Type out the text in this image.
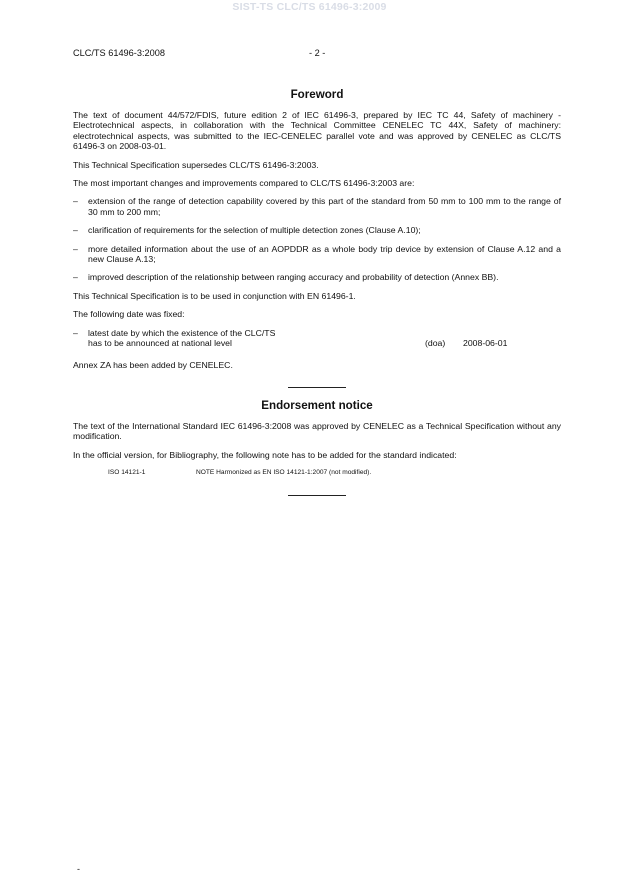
SIST-TS CLC/TS 61496-3:2009
CLC/TS 61496-3:2008	- 2 -
Foreword

The text of document 44/572/FDIS, future edition 2 of IEC 61496-3, prepared by IEC TC 44, Safety of machinery - Electrotechnical aspects, in collaboration with the Technical Committee CENELEC TC 44X, Safety of machinery: electrotechnical aspects, was submitted to the IEC-CENELEC parallel vote and was approved by CENELEC as CLC/TS 61496-3 on 2008-03-01.

This Technical Specification supersedes CLC/TS 61496-3:2003.

The most important changes and improvements compared to CLC/TS 61496-3:2003 are:

– extension of the range of detection capability covered by this part of the standard from 50 mm to 100 mm to the range of 30 mm to 200 mm;
– clarification of requirements for the selection of multiple detection zones (Clause A.10);
– more detailed information about the use of an AOPDDR as a whole body trip device by extension of Clause A.12 and a new Clause A.13;
– improved description of the relationship between ranging accuracy and probability of detection (Annex BB).

This Technical Specification is to be used in conjunction with EN 61496-1.

The following date was fixed:

– latest date by which the existence of the CLC/TS
has to be announced at national level	(doa) 2008-06-01

Annex ZA has been added by CENELEC.

Endorsement notice

The text of the International Standard IEC 61496-3:2008 was approved by CENELEC as a Technical Specification without any modification.

In the official version, for Bibliography, the following note has to be added for the standard indicated:

ISO 14121-1	NOTE Harmonized as EN ISO 14121-1:2007 (not modified).
-
